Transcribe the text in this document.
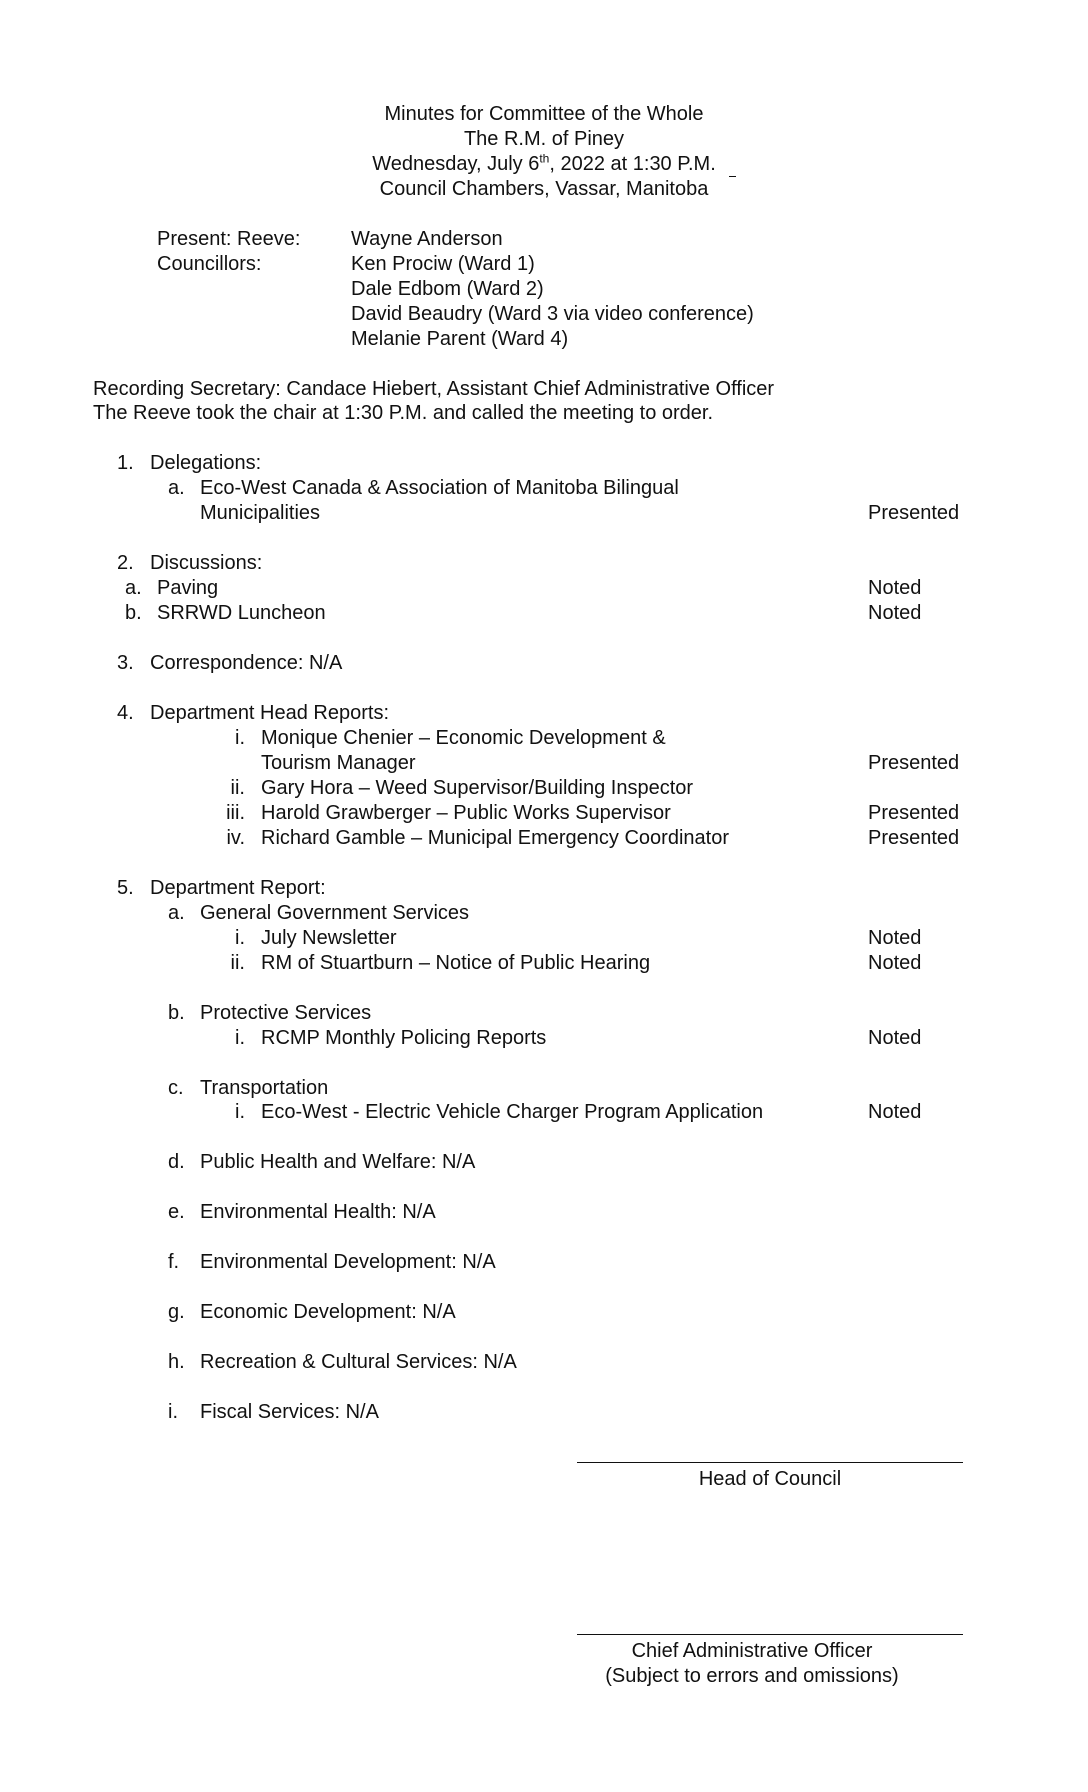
Minutes for Committee of the Whole
The R.M. of Piney
Wednesday, July 6th, 2022 at 1:30 P.M.
Council Chambers, Vassar, Manitoba
Present: Reeve:	Wayne Anderson
Councillors:	Ken Prociw (Ward 1)
Dale Edbom (Ward 2)
David Beaudry (Ward 3 via video conference)
Melanie Parent (Ward 4)
Recording Secretary: Candace Hiebert, Assistant Chief Administrative Officer
The Reeve took the chair at 1:30 P.M. and called the meeting to order.
1. Delegations:
a. Eco-West Canada & Association of Manitoba Bilingual
Municipalities	Presented
2. Discussions:
a. Paving	Noted
b. SRRWD Luncheon	Noted
3. Correspondence: N/A
4. Department Head Reports:
i. Monique Chenier – Economic Development &
Tourism Manager	Presented
ii. Gary Hora – Weed Supervisor/Building Inspector
iii. Harold Grawberger – Public Works Supervisor	Presented
iv. Richard Gamble – Municipal Emergency Coordinator	Presented
5. Department Report:
a. General Government Services
i. July Newsletter	Noted
ii. RM of Stuartburn – Notice of Public Hearing	Noted
b. Protective Services
i. RCMP Monthly Policing Reports	Noted
c. Transportation
i. Eco-West - Electric Vehicle Charger Program Application	Noted
d. Public Health and Welfare: N/A
e. Environmental Health: N/A
f. Environmental Development: N/A
g. Economic Development: N/A
h. Recreation & Cultural Services: N/A
i. Fiscal Services: N/A
Head of Council
Chief Administrative Officer
(Subject to errors and omissions)
